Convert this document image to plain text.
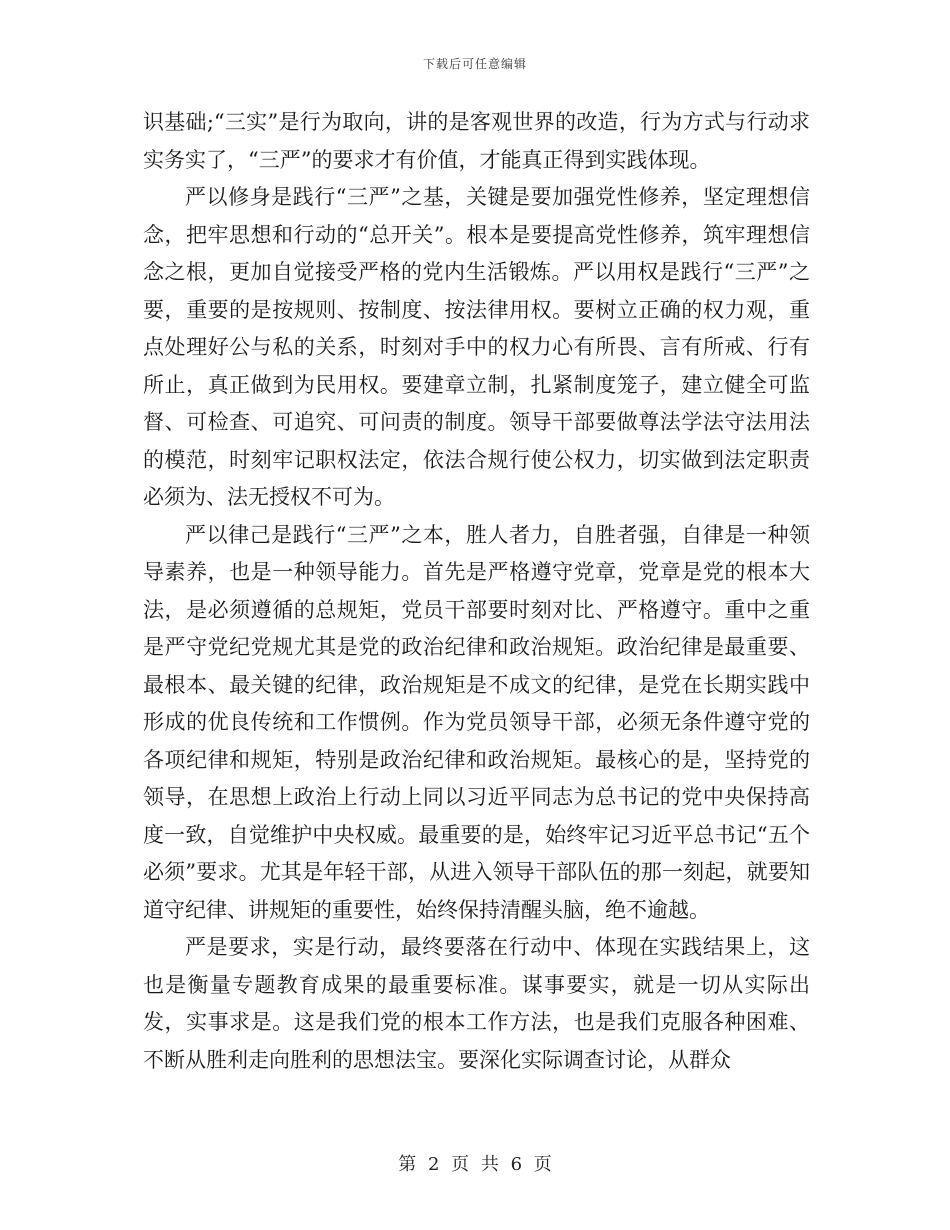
下载后可任意编辑

识基础;“三实”是行为取向，讲的是客观世界的改造，行为方式与行动求实务实了，“三严”的要求才有价值，才能真正得到实践体现。

严以修身是践行“三严”之基，关键是要加强党性修养，坚定理想信念，把牢思想和行动的“总开关”。根本是要提高党性修养，筑牢理想信念之根，更加自觉接受严格的党内生活锻炼。严以用权是践行“三严”之要，重要的是按规则、按制度、按法律用权。要树立正确的权力观，重点处理好公与私的关系，时刻对手中的权力心有所畏、言有所戒、行有所止，真正做到为民用权。要建章立制，扎紧制度笼子，建立健全可监督、可检查、可追究、可问责的制度。领导干部要做尊法学法守法用法的模范，时刻牢记职权法定，依法合规行使公权力，切实做到法定职责必须为、法无授权不可为。

严以律己是践行“三严”之本，胜人者力，自胜者强，自律是一种领导素养，也是一种领导能力。首先是严格遵守党章，党章是党的根本大法，是必须遵循的总规矩，党员干部要时刻对比、严格遵守。重中之重是严守党纪党规尤其是党的政治纪律和政治规矩。政治纪律是最重要、最根本、最关键的纪律，政治规矩是不成文的纪律，是党在长期实践中形成的优良传统和工作惯例。作为党员领导干部，必须无条件遵守党的各项纪律和规矩，特别是政治纪律和政治规矩。最核心的是，坚持党的领导，在思想上政治上行动上同以习近平同志为总书记的党中央保持高度一致，自觉维护中央权威。最重要的是，始终牢记习近平总书记“五个必须”要求。尤其是年轻干部，从进入领导干部队伍的那一刻起，就要知道守纪律、讲规矩的重要性，始终保持清醒头脑，绝不逾越。

严是要求，实是行动，最终要落在行动中、体现在实践结果上，这也是衡量专题教育成果的最重要标准。谋事要实，就是一切从实际出发，实事求是。这是我们党的根本工作方法，也是我们克服各种困难、不断从胜利走向胜利的思想法宝。要深化实际调查讨论，从群众

第 2 页 共 6 页
